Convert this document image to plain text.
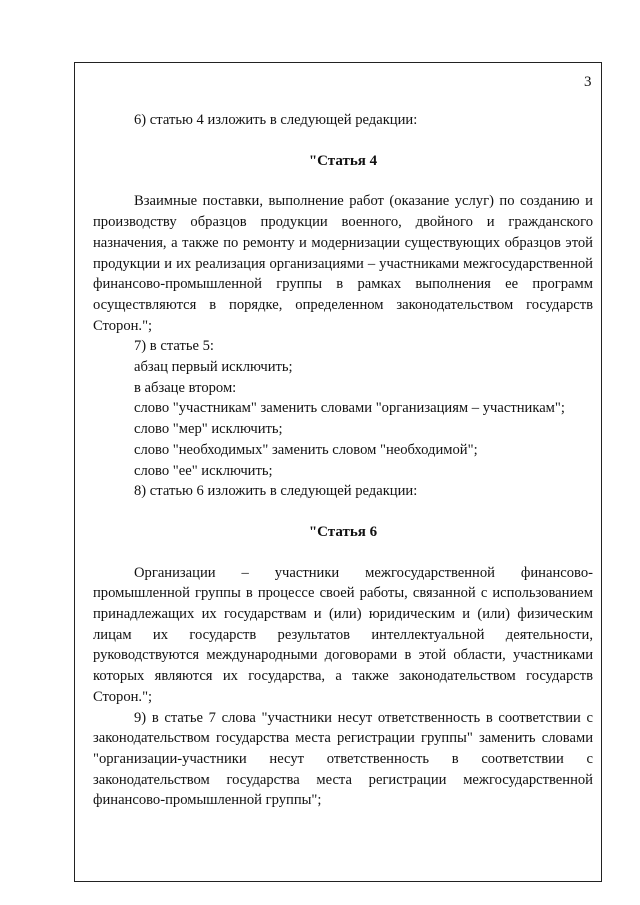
3

6) статью 4 изложить в следующей редакции:

"Статья 4

Взаимные поставки, выполнение работ (оказание услуг) по созданию и производству образцов продукции военного, двойного и гражданского назначения, а также по ремонту и модернизации существующих образцов этой продукции и их реализация организациями – участниками межгосударственной финансово-промышленной группы в рамках выполнения ее программ осуществляются в порядке, определенном законодательством государств Сторон.";

7) в статье 5:

абзац первый исключить;

в абзаце втором:

слово "участникам" заменить словами "организациям – участникам";

слово "мер" исключить;

слово "необходимых" заменить словом "необходимой";

слово "ее" исключить;

8) статью 6 изложить в следующей редакции:

"Статья 6

Организации – участники межгосударственной финансово-промышленной группы в процессе своей работы, связанной с использованием принадлежащих их государствам и (или) юридическим и (или) физическим лицам их государств результатов интеллектуальной деятельности, руководствуются международными договорами в этой области, участниками которых являются их государства, а также законодательством государств Сторон.";

9) в статье 7 слова "участники несут ответственность в соответствии с законодательством государства места регистрации группы" заменить словами "организации-участники несут ответственность в соответствии с законодательством государства места регистрации межгосударственной финансово-промышленной группы";
